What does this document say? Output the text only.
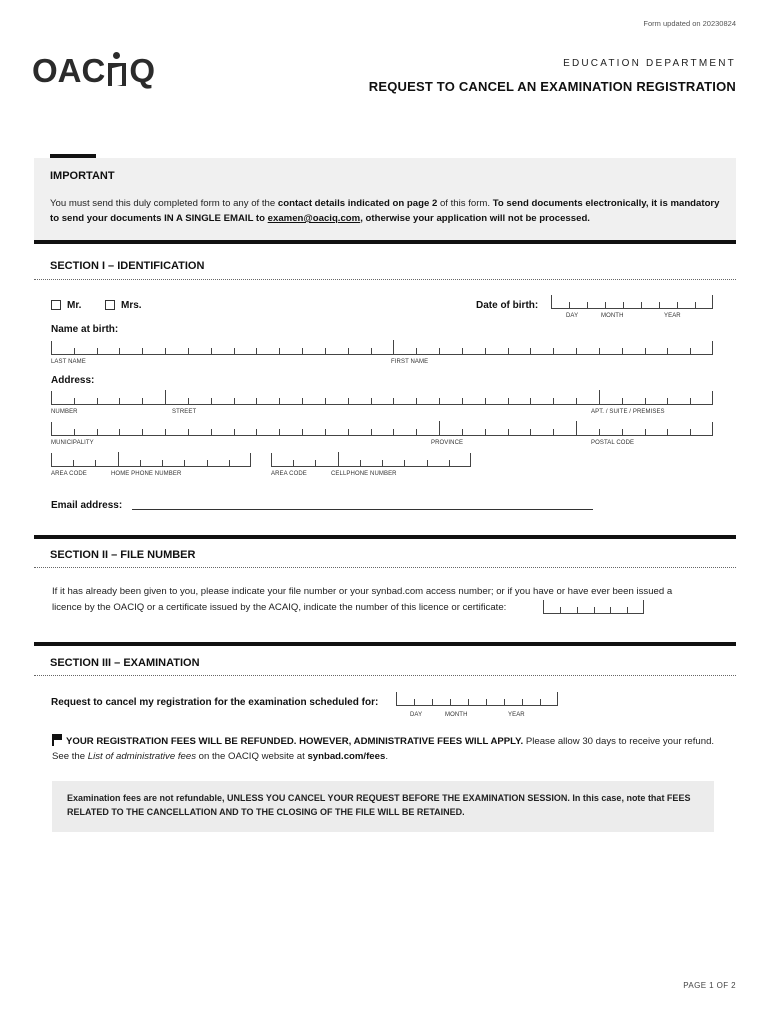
Form updated on 20230824
OAC Q	EDUCATION DEPARTMENT
REQUEST TO CANCEL AN EXAMINATION REGISTRATION
IMPORTANT
You must send this duly completed form to any of the contact details indicated on page 2 of this form. To send documents electronically, it is mandatory to send your documents IN A SINGLE EMAIL to examen@oaciq.com, otherwise your application will not be processed.
SECTION I – IDENTIFICATION
Mr.	Mrs.	Date of birth:
DAY	MONTH	YEAR
Name at birth:
LAST NAME	FIRST NAME
Address:
NUMBER	STREET	APT. / SUITE / PREMISES
MUNICIPALITY	PROVINCE	POSTAL CODE
AREA CODE	HOME PHONE NUMBER	AREA CODE	CELLPHONE NUMBER
Email address:
SECTION II – FILE NUMBER
If it has already been given to you, please indicate your file number or your synbad.com access number; or if you have or have ever been issued a
licence by the OACIQ or a certificate issued by the ACAIQ, indicate the number of this licence or certificate:
SECTION III – EXAMINATION
Request to cancel my registration for the examination scheduled for:
DAY	MONTH	YEAR
YOUR REGISTRATION FEES WILL BE REFUNDED. HOWEVER, ADMINISTRATIVE FEES WILL APPLY. Please allow 30 days to receive your refund. See the List of administrative fees on the OACIQ website at synbad.com/fees.
Examination fees are not refundable, UNLESS YOU CANCEL YOUR REQUEST BEFORE THE EXAMINATION SESSION. In this case, note that FEES RELATED TO THE CANCELLATION AND TO THE CLOSING OF THE FILE WILL BE RETAINED.
PAGE 1 OF 2
